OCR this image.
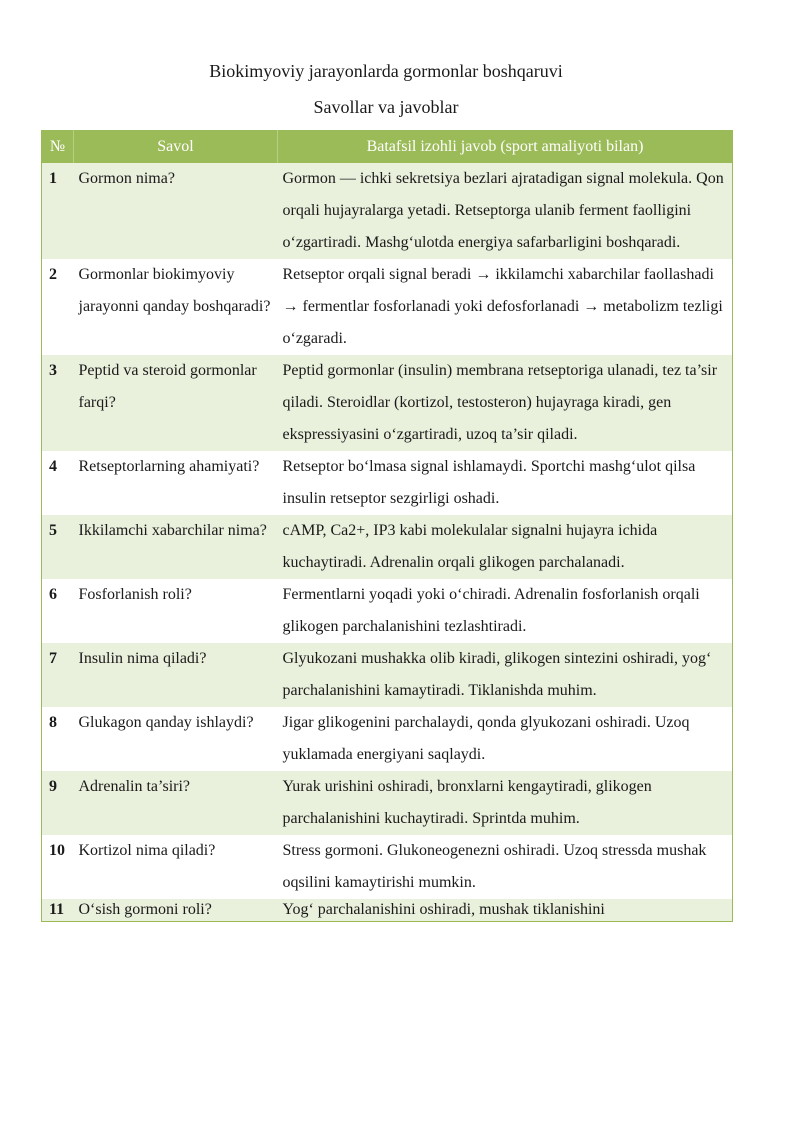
Biokimyoviy jarayonlarda gormonlar boshqaruvi
Savollar va javoblar
№	Savol	Batafsil izohli javob (sport amaliyoti bilan)
1	Gormon nima?	Gormon — ichki sekretsiya bezlari ajratadigan signal molekula. Qon orqali hujayralarga yetadi. Retseptorga ulanib ferment faolligini o‘zgartiradi. Mashg‘ulotda energiya safarbarligini boshqaradi.
2	Gormonlar biokimyoviy jarayonni qanday boshqaradi?	Retseptor orqali signal beradi → ikkilamchi xabarchilar faollashadi → fermentlar fosforlanadi yoki defosforlanadi → metabolizm tezligi o‘zgaradi.
3	Peptid va steroid gormonlar farqi?	Peptid gormonlar (insulin) membrana retseptoriga ulanadi, tez ta’sir qiladi. Steroidlar (kortizol, testosteron) hujayraga kiradi, gen ekspressiyasini o‘zgartiradi, uzoq ta’sir qiladi.
4	Retseptorlarning ahamiyati?	Retseptor bo‘lmasa signal ishlamaydi. Sportchi mashg‘ulot qilsa insulin retseptor sezgirligi oshadi.
5	Ikkilamchi xabarchilar nima?	cAMP, Ca2+, IP3 kabi molekulalar signalni hujayra ichida kuchaytiradi. Adrenalin orqali glikogen parchalanadi.
6	Fosforlanish roli?	Fermentlarni yoqadi yoki o‘chiradi. Adrenalin fosforlanish orqali glikogen parchalanishini tezlashtiradi.
7	Insulin nima qiladi?	Glyukozani mushakka olib kiradi, glikogen sintezini oshiradi, yog‘ parchalanishini kamaytiradi. Tiklanishda muhim.
8	Glukagon qanday ishlaydi?	Jigar glikogenini parchalaydi, qonda glyukozani oshiradi. Uzoq yuklamada energiyani saqlaydi.
9	Adrenalin ta’siri?	Yurak urishini oshiradi, bronxlarni kengaytiradi, glikogen parchalanishini kuchaytiradi. Sprintda muhim.
10	Kortizol nima qiladi?	Stress gormoni. Glukoneogenezni oshiradi. Uzoq stressda mushak oqsilini kamaytirishi mumkin.
11	O‘sish gormoni roli?	Yog‘ parchalanishini oshiradi, mushak tiklanishini
